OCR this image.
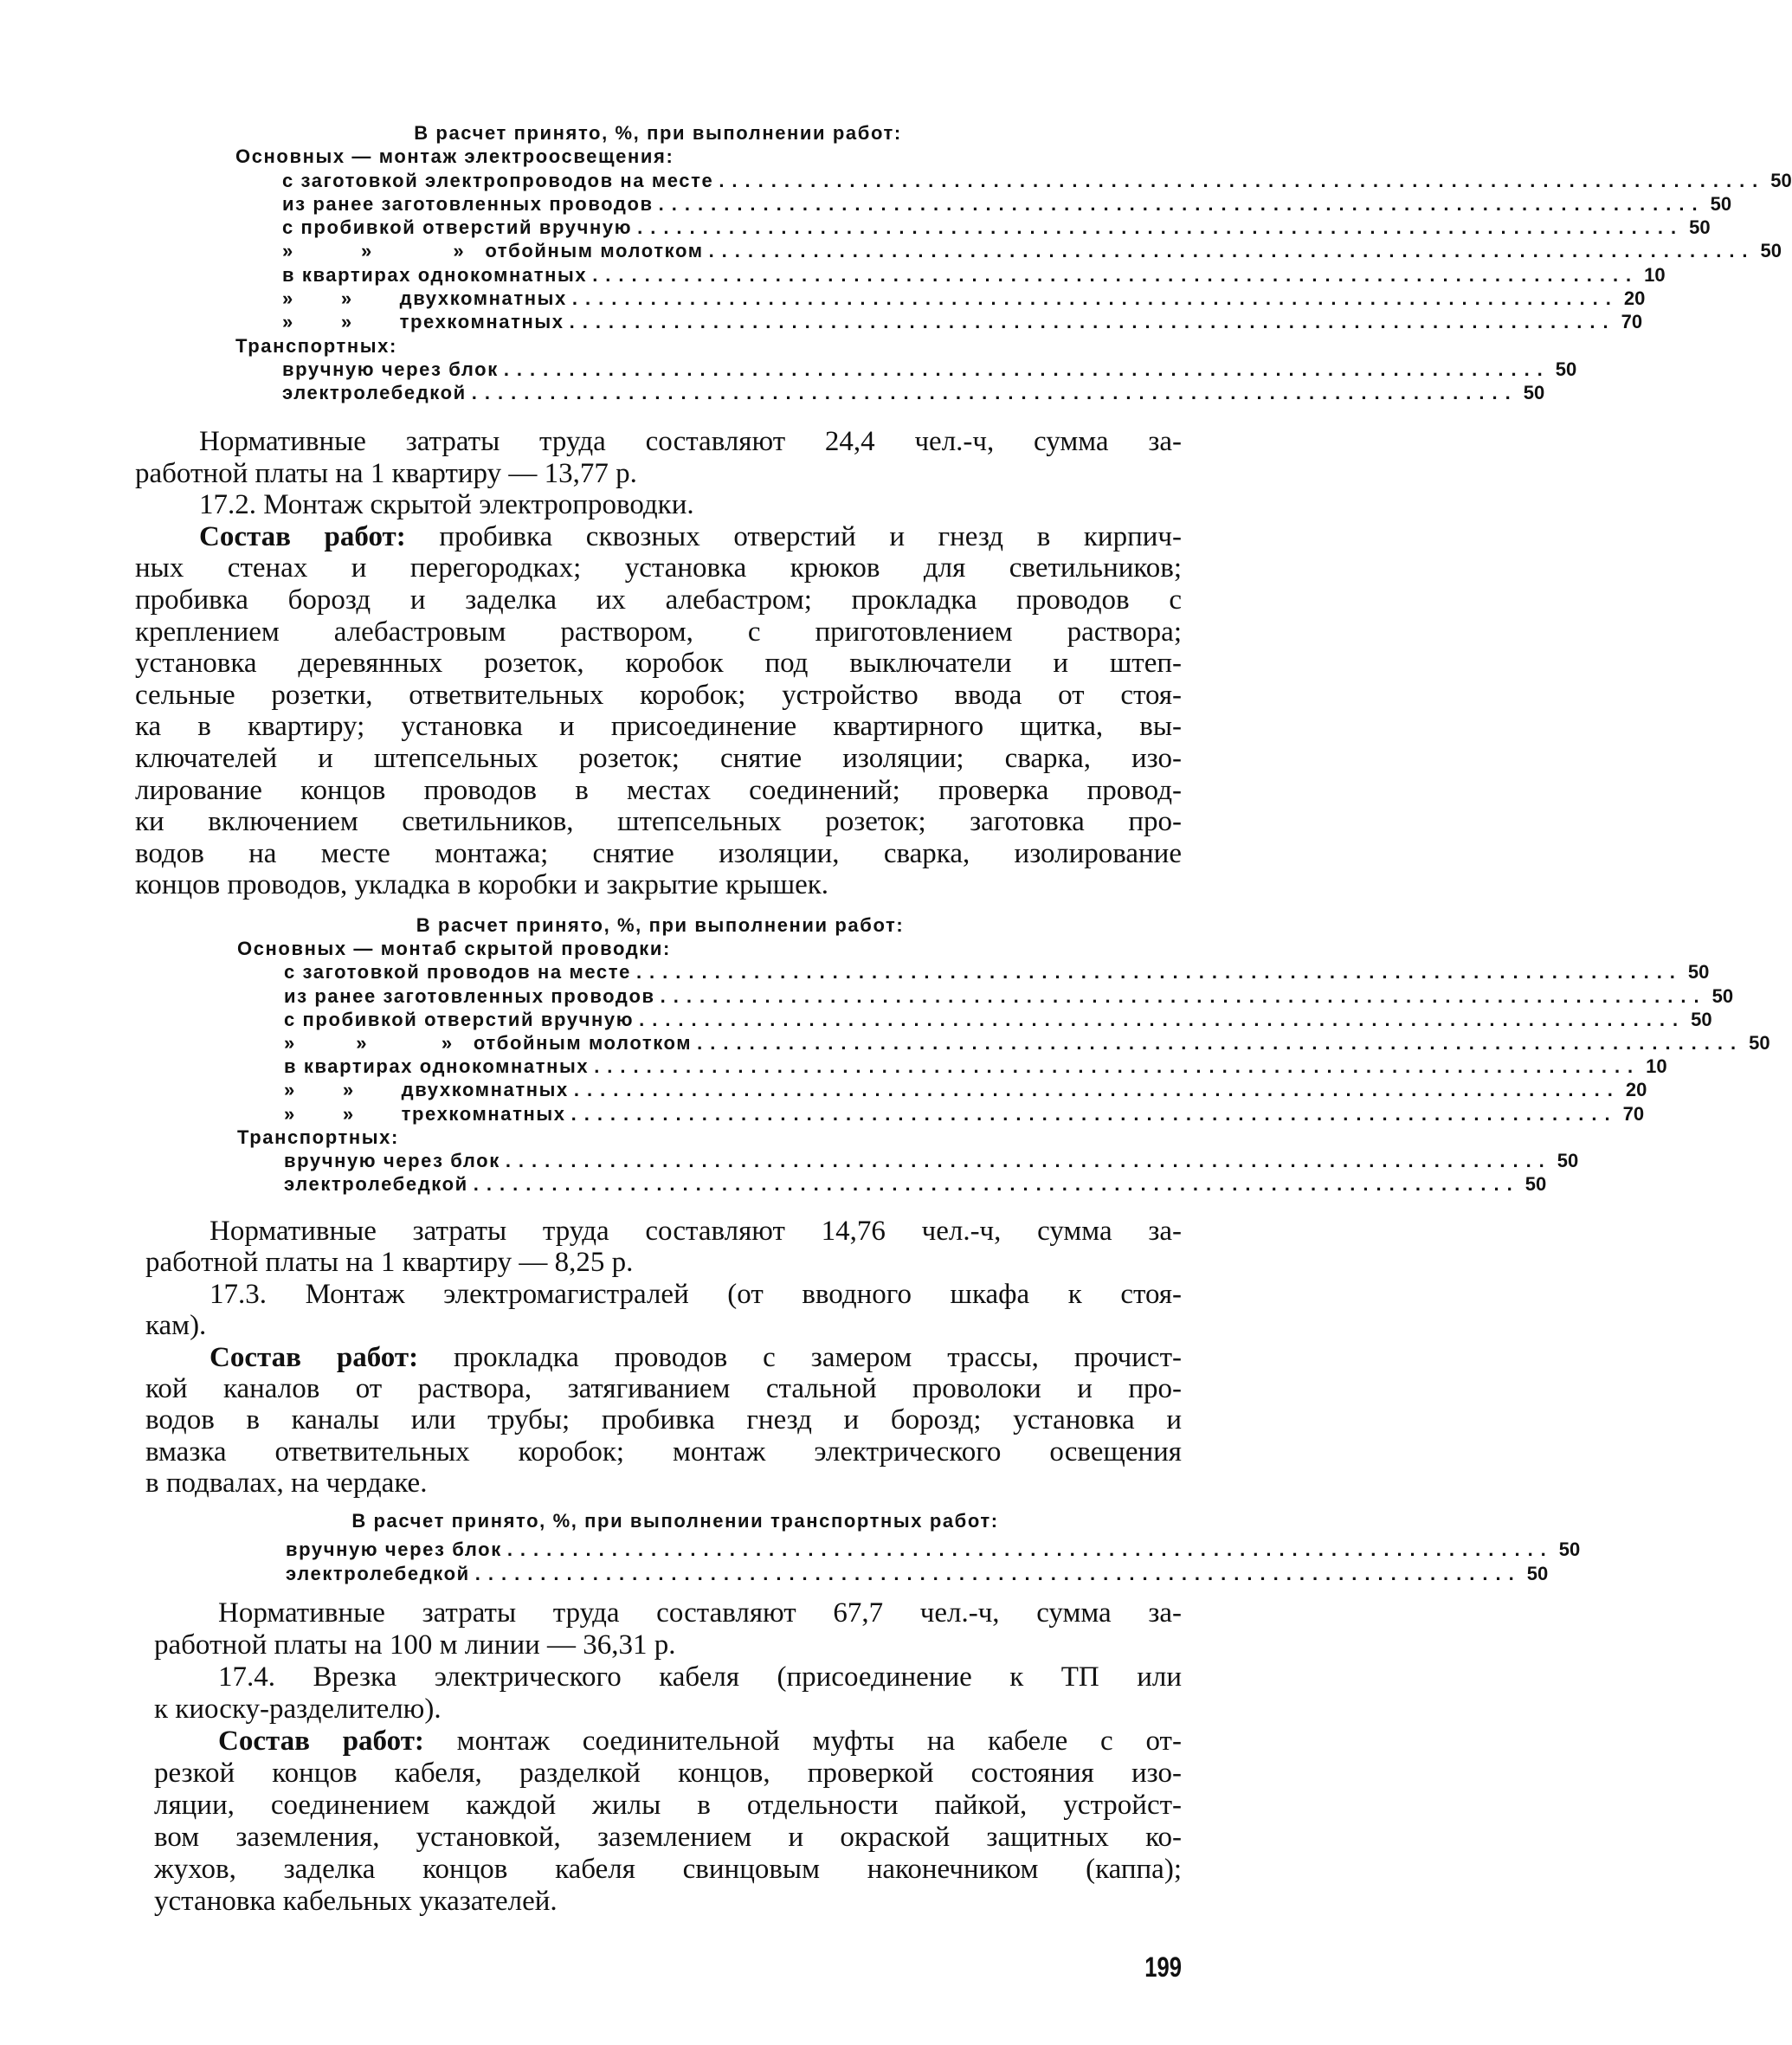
В расчет принято, %, при выполнении работ:
Основных — монтаж электроосвещения:
с заготовкой электропроводов на месте ................................................................................ 50
из ранее заготовленных проводов ................................................................................ 50
с пробивкой отверстий вручную ................................................................................ 50
»          »            »   отбойным молотком ................................................................................ 50
в квартирах однокомнатных ................................................................................ 10
»       »       двухкомнатных ................................................................................ 20
»       »       трехкомнатных ................................................................................ 70
Транспортных:
вручную через блок ................................................................................ 50
электролебедкой ................................................................................ 50
Нормативные затраты труда составляют 24,4 чел.-ч, сумма за-
работной платы на 1 квартиру — 13,77 р.
17.2. Монтаж скрытой электропроводки.
Состав работ: пробивка сквозных отверстий и гнезд в кирпич-
ных стенах и перегородках; установка крюков для светильников;
пробивка борозд и заделка их алебастром; прокладка проводов с
креплением алебастровым раствором, с приготовлением раствора;
установка деревянных розеток, коробок под выключатели и штеп-
сельные розетки, ответвительных коробок; устройство ввода от стоя-
ка в квартиру; установка и присоединение квартирного щитка, вы-
ключателей и штепсельных розеток; снятие изоляции; сварка, изо-
лирование концов проводов в местах соединений; проверка провод-
ки включением светильников, штепсельных розеток; заготовка про-
водов на месте монтажа; снятие изоляции, сварка, изолирование
концов проводов, укладка в коробки и закрытие крышек.
В расчет принято, %, при выполнении работ:
Основных — монтаб скрытой проводки:
с заготовкой проводов на месте ................................................................................ 50
из ранее заготовленных проводов ................................................................................ 50
с пробивкой отверстий вручную ................................................................................ 50
»         »           »   отбойным молотком ................................................................................ 50
в квартирах однокомнатных ................................................................................ 10
»       »       двухкомнатных ................................................................................ 20
»       »       трехкомнатных ................................................................................ 70
Транспортных:
вручную через блок ................................................................................ 50
электролебедкой ................................................................................ 50
Нормативные затраты труда составляют 14,76 чел.-ч, сумма за-
работной платы на 1 квартиру — 8,25 р.
17.3. Монтаж электромагистралей (от вводного шкафа к стоя-
кам).
Состав работ: прокладка проводов с замером трассы, прочист-
кой каналов от раствора, затягиванием стальной проволоки и про-
водов в каналы или трубы; пробивка гнезд и борозд; установка и
вмазка ответвительных коробок; монтаж электрического освещения
в подвалах, на чердаке.
В расчет принято, %, при выполнении транспортных работ:
вручную через блок ................................................................................ 50
электролебедкой ................................................................................ 50
Нормативные затраты труда составляют 67,7 чел.-ч, сумма за-
работной платы на 100 м линии — 36,31 р.
17.4. Врезка электрического кабеля (присоединение к ТП или
к киоску-разделителю).
Состав работ: монтаж соединительной муфты на кабеле с от-
резкой концов кабеля, разделкой концов, проверкой состояния изо-
ляции, соединением каждой жилы в отдельности пайкой, устройст-
вом заземления, установкой, заземлением и окраской защитных ко-
жухов, заделка концов кабеля свинцовым наконечником (каппа);
установка кабельных указателей.
199
